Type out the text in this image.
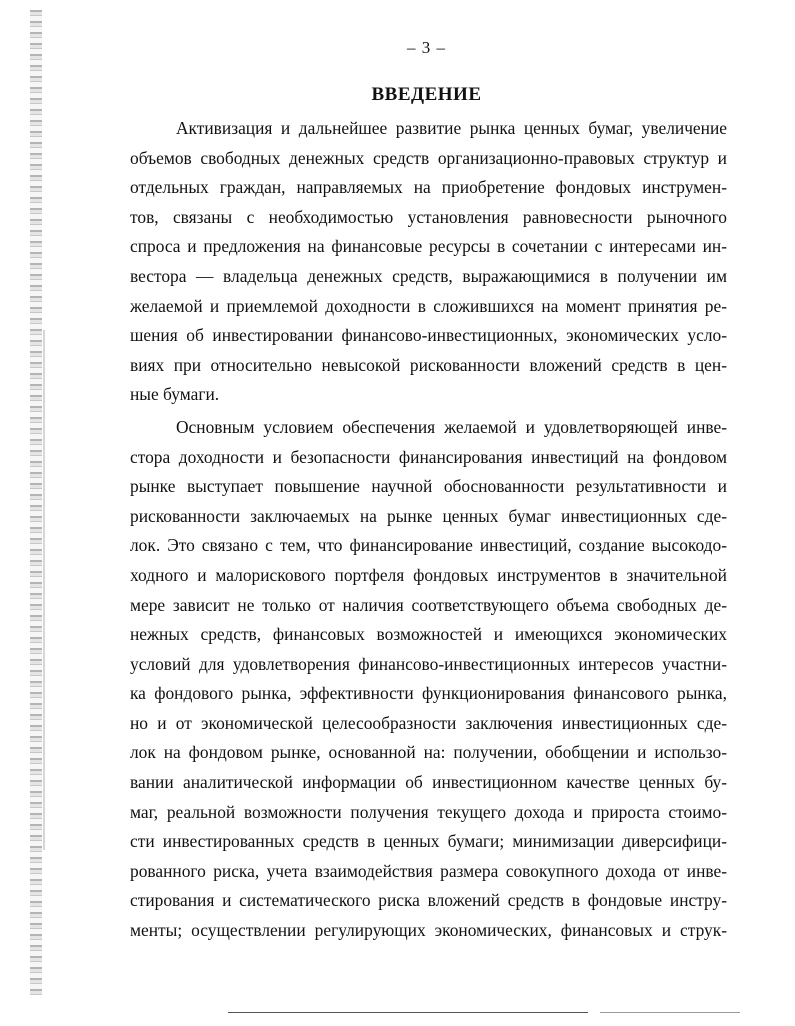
– 3 –
ВВЕДЕНИЕ
Активизация и дальнейшее развитие рынка ценных бумаг, увеличение
объемов свободных денежных средств организационно-правовых структур и
отдельных граждан, направляемых на приобретение фондовых инструмен-
тов, связаны с необходимостью установления равновесности рыночного
спроса и предложения на финансовые ресурсы в сочетании с интересами ин-
вестора — владельца денежных средств, выражающимися в получении им
желаемой и приемлемой доходности в сложившихся на момент принятия ре-
шения об инвестировании финансово-инвестиционных, экономических усло-
виях при относительно невысокой рискованности вложений средств в цен-
ные бумаги.
Основным условием обеспечения желаемой и удовлетворяющей инве-
стора доходности и безопасности финансирования инвестиций на фондовом
рынке выступает повышение научной обоснованности результативности и
рискованности заключаемых на рынке ценных бумаг инвестиционных сде-
лок. Это связано с тем, что финансирование инвестиций, создание высокодо-
ходного и малорискового портфеля фондовых инструментов в значительной
мере зависит не только от наличия соответствующего объема свободных де-
нежных средств, финансовых возможностей и имеющихся экономических
условий для удовлетворения финансово-инвестиционных интересов участни-
ка фондового рынка, эффективности функционирования финансового рынка,
но и от экономической целесообразности заключения инвестиционных сде-
лок на фондовом рынке, основанной на: получении, обобщении и использо-
вании аналитической информации об инвестиционном качестве ценных бу-
маг, реальной возможности получения текущего дохода и прироста стоимо-
сти инвестированных средств в ценных бумаги; минимизации диверсифици-
рованного риска, учета взаимодействия размера совокупного дохода от инве-
стирования и систематического риска вложений средств в фондовые инстру-
менты; осуществлении регулирующих экономических, финансовых и струк-
